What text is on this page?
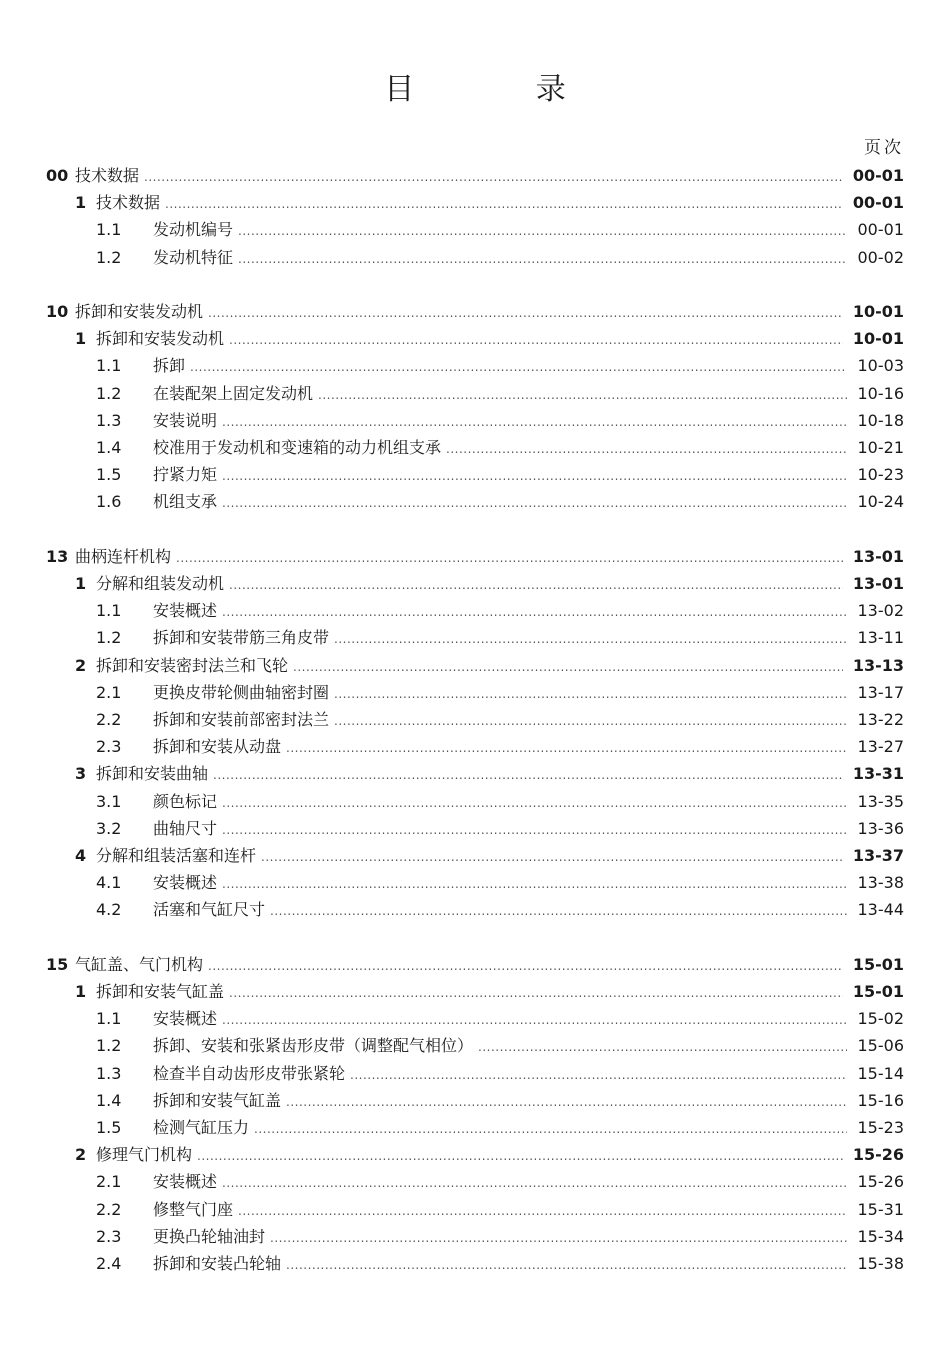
目 录
页次
00 技术数据 .....	00-01
1 技术数据 .....	00-01
1.1 发动机编号 .....	00-01
1.2 发动机特征 .....	00-02
10 拆卸和安装发动机 .....	10-01
1 拆卸和安装发动机 .....	10-01
1.1 拆卸 .....	10-03
1.2 在装配架上固定发动机 .....	10-16
1.3 安装说明 .....	10-18
1.4 校准用于发动机和变速箱的动力机组支承 .....	10-21
1.5 拧紧力矩 .....	10-23
1.6 机组支承 .....	10-24
13 曲柄连杆机构 .....	13-01
1 分解和组装发动机 .....	13-01
1.1 安装概述 .....	13-02
1.2 拆卸和安装带筋三角皮带 .....	13-11
2 拆卸和安装密封法兰和飞轮 .....	13-13
2.1 更换皮带轮侧曲轴密封圈 .....	13-17
2.2 拆卸和安装前部密封法兰 .....	13-22
2.3 拆卸和安装从动盘 .....	13-27
3 拆卸和安装曲轴 .....	13-31
3.1 颜色标记 .....	13-35
3.2 曲轴尺寸 .....	13-36
4 分解和组装活塞和连杆 .....	13-37
4.1 安装概述 .....	13-38
4.2 活塞和气缸尺寸 .....	13-44
15 气缸盖、气门机构 .....	15-01
1 拆卸和安装气缸盖 .....	15-01
1.1 安装概述 .....	15-02
1.2 拆卸、安装和张紧齿形皮带（调整配气相位） .....	15-06
1.3 检查半自动齿形皮带张紧轮 .....	15-14
1.4 拆卸和安装气缸盖 .....	15-16
1.5 检测气缸压力 .....	15-23
2 修理气门机构 .....	15-26
2.1 安装概述 .....	15-26
2.2 修整气门座 .....	15-31
2.3 更换凸轮轴油封 .....	15-34
2.4 拆卸和安装凸轮轴 .....	15-38
